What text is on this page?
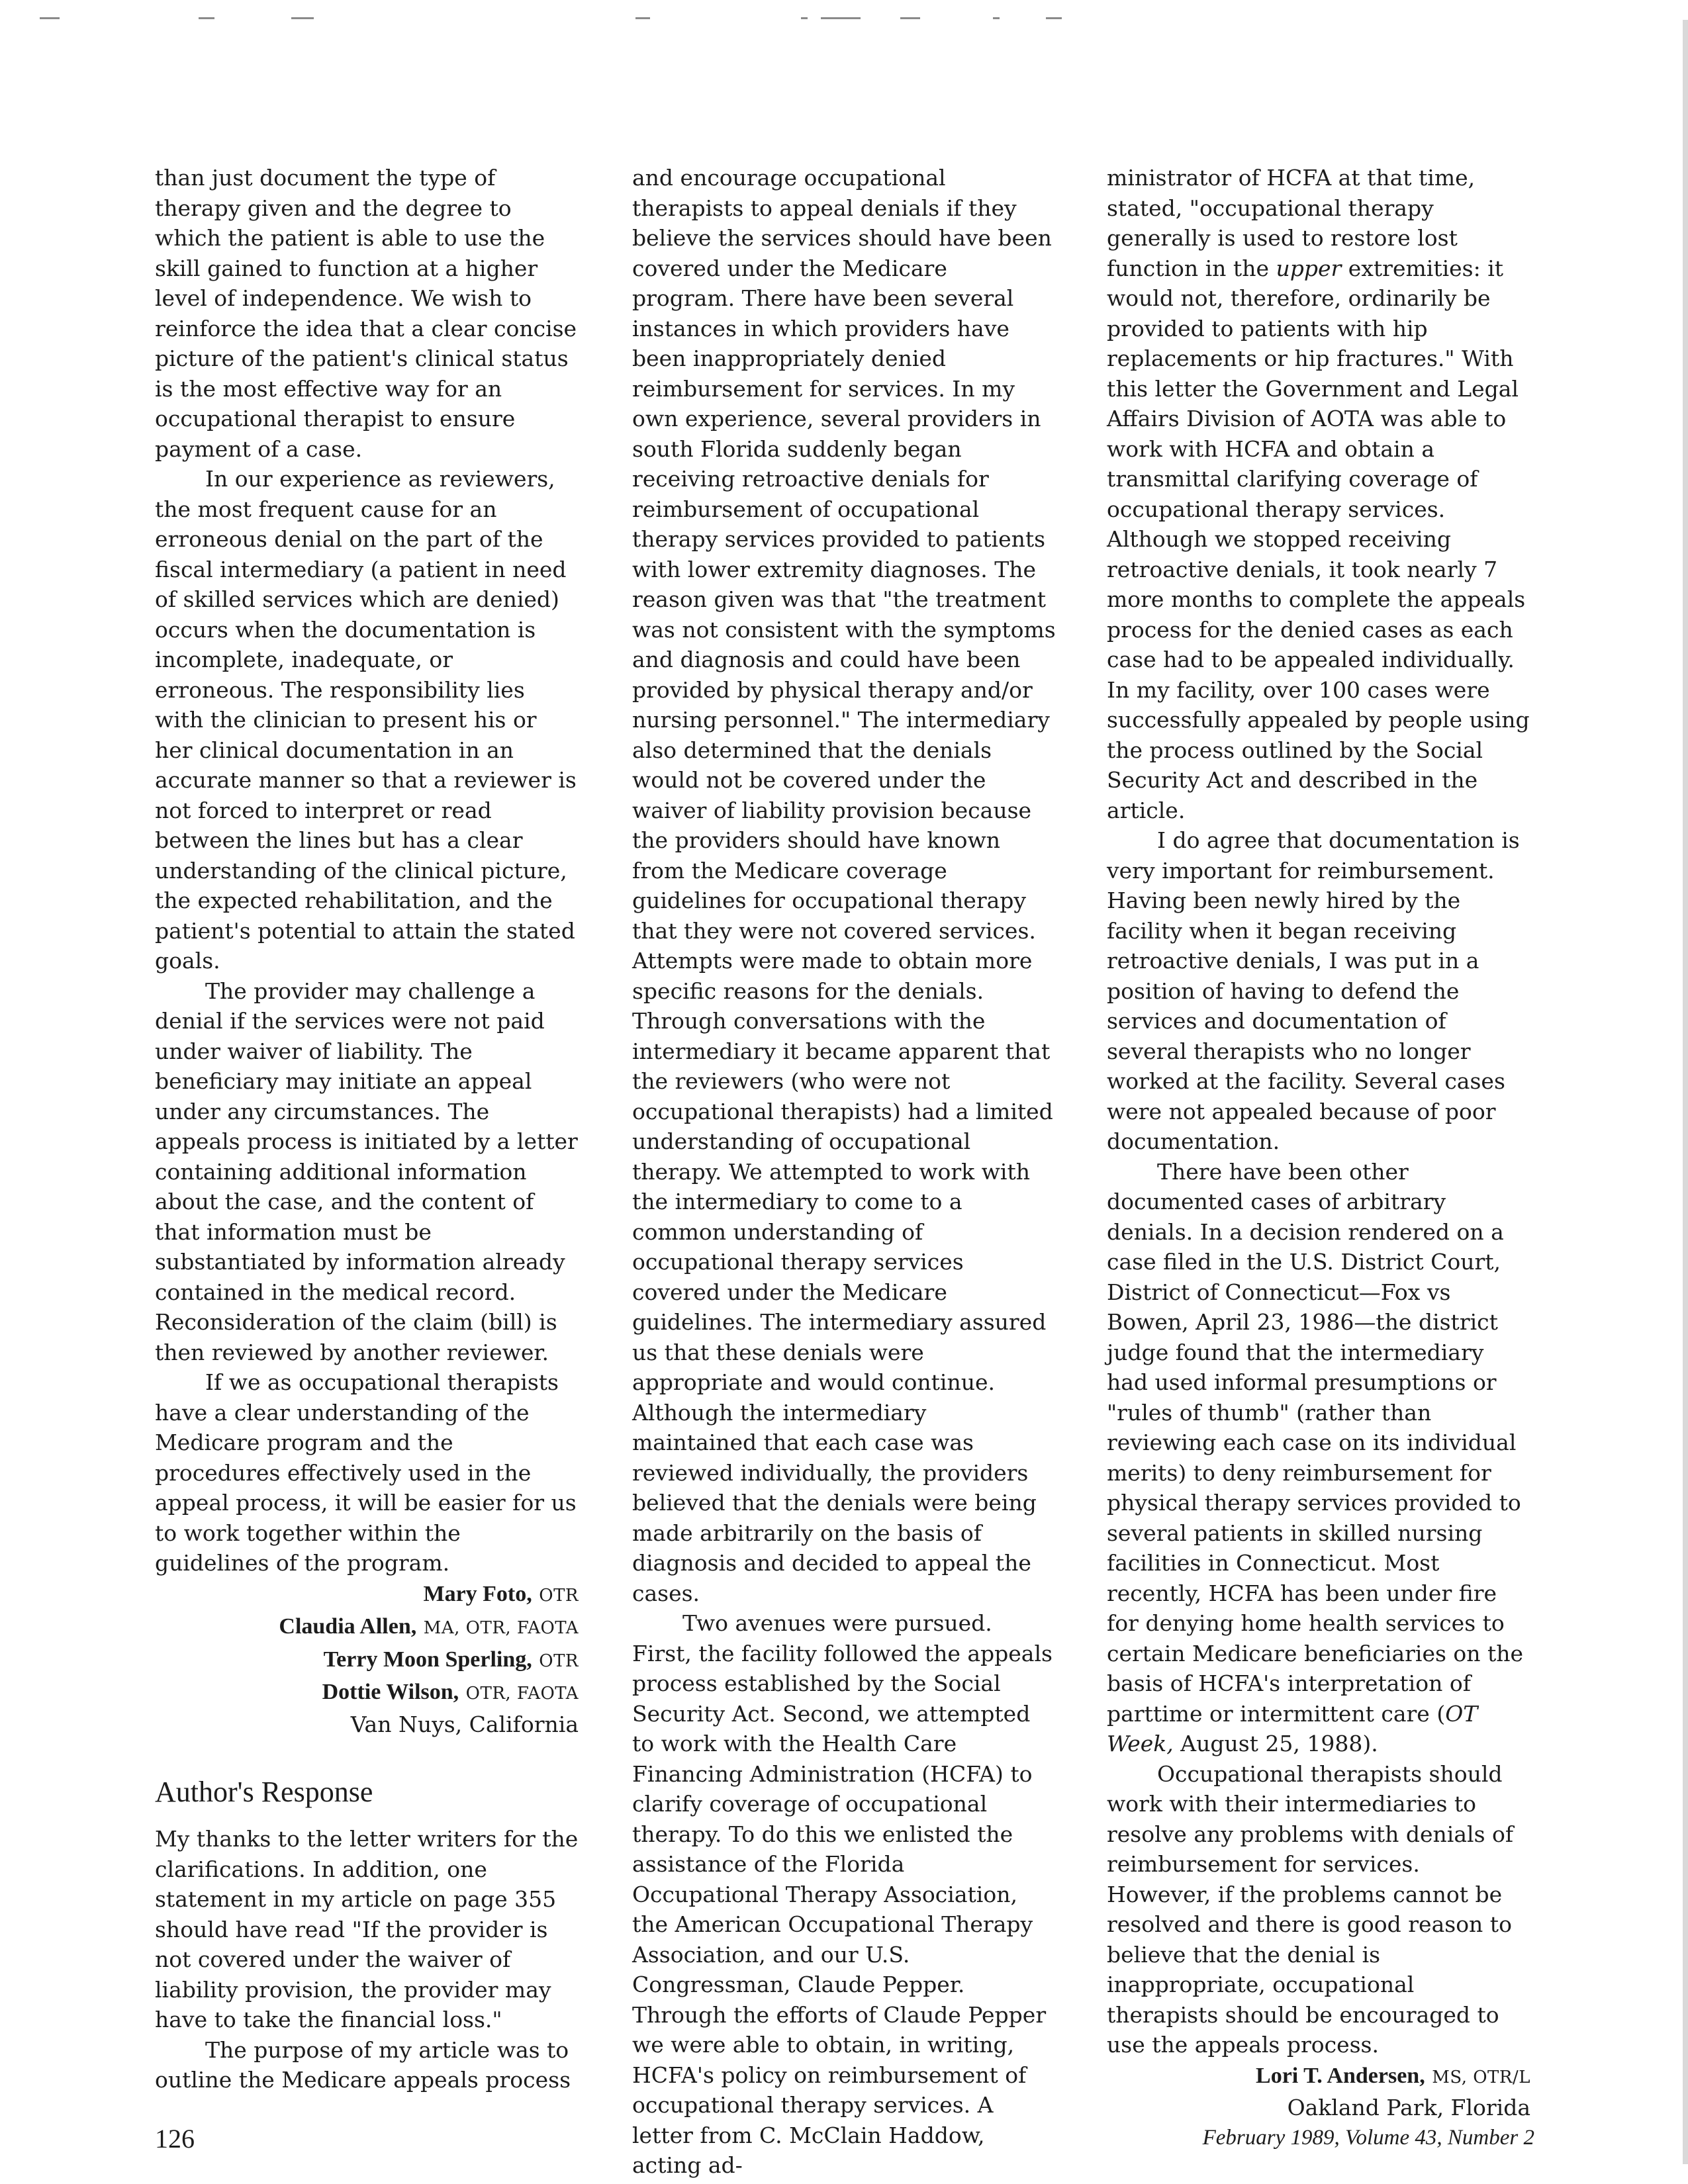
than just document the type of therapy given and the degree to which the patient is able to use the skill gained to function at a higher level of independence. We wish to reinforce the idea that a clear concise picture of the patient's clinical status is the most effective way for an occupational therapist to ensure payment of a case.

In our experience as reviewers, the most frequent cause for an erroneous denial on the part of the fiscal intermediary (a patient in need of skilled services which are denied) occurs when the documentation is incomplete, inadequate, or erroneous. The responsibility lies with the clinician to present his or her clinical documentation in an accurate manner so that a reviewer is not forced to interpret or read between the lines but has a clear understanding of the clinical picture, the expected rehabilitation, and the patient's potential to attain the stated goals.

The provider may challenge a denial if the services were not paid under waiver of liability. The beneficiary may initiate an appeal under any circumstances. The appeals process is initiated by a letter containing additional information about the case, and the content of that information must be substantiated by information already contained in the medical record. Reconsideration of the claim (bill) is then reviewed by another reviewer.

If we as occupational therapists have a clear understanding of the Medicare program and the procedures effectively used in the appeal process, it will be easier for us to work together within the guidelines of the program.

Mary Foto, OTR
Claudia Allen, MA, OTR, FAOTA
Terry Moon Sperling, OTR
Dottie Wilson, OTR, FAOTA
Van Nuys, California
Author's Response

My thanks to the letter writers for the clarifications. In addition, one statement in my article on page 355 should have read "If the provider is not covered under the waiver of liability provision, the provider may have to take the financial loss."

The purpose of my article was to outline the Medicare appeals process

and encourage occupational therapists to appeal denials if they believe the services should have been covered under the Medicare program. There have been several instances in which providers have been inappropriately denied reimbursement for services. In my own experience, several providers in south Florida suddenly began receiving retroactive denials for reimbursement of occupational therapy services provided to patients with lower extremity diagnoses. The reason given was that "the treatment was not consistent with the symptoms and diagnosis and could have been provided by physical therapy and/or nursing personnel." The intermediary also determined that the denials would not be covered under the waiver of liability provision because the providers should have known from the Medicare coverage guidelines for occupational therapy that they were not covered services. Attempts were made to obtain more specific reasons for the denials. Through conversations with the intermediary it became apparent that the reviewers (who were not occupational therapists) had a limited understanding of occupational therapy. We attempted to work with the intermediary to come to a common understanding of occupational therapy services covered under the Medicare guidelines. The intermediary assured us that these denials were appropriate and would continue. Although the intermediary maintained that each case was reviewed individually, the providers believed that the denials were being made arbitrarily on the basis of diagnosis and decided to appeal the cases.

Two avenues were pursued. First, the facility followed the appeals process established by the Social Security Act. Second, we attempted to work with the Health Care Financing Administration (HCFA) to clarify coverage of occupational therapy. To do this we enlisted the assistance of the Florida Occupational Therapy Association, the American Occupational Therapy Association, and our U.S. Congressman, Claude Pepper. Through the efforts of Claude Pepper we were able to obtain, in writing, HCFA's policy on reimbursement of occupational therapy services. A letter from C. McClain Haddow, acting ad-

ministrator of HCFA at that time, stated, "occupational therapy generally is used to restore lost function in the upper extremities: it would not, therefore, ordinarily be provided to patients with hip replacements or hip fractures." With this letter the Government and Legal Affairs Division of AOTA was able to work with HCFA and obtain a transmittal clarifying coverage of occupational therapy services. Although we stopped receiving retroactive denials, it took nearly 7 more months to complete the appeals process for the denied cases as each case had to be appealed individually. In my facility, over 100 cases were successfully appealed by people using the process outlined by the Social Security Act and described in the article.

I do agree that documentation is very important for reimbursement. Having been newly hired by the facility when it began receiving retroactive denials, I was put in a position of having to defend the services and documentation of several therapists who no longer worked at the facility. Several cases were not appealed because of poor documentation.

There have been other documented cases of arbitrary denials. In a decision rendered on a case filed in the U.S. District Court, District of Connecticut—Fox vs Bowen, April 23, 1986—the district judge found that the intermediary had used informal presumptions or "rules of thumb" (rather than reviewing each case on its individual merits) to deny reimbursement for physical therapy services provided to several patients in skilled nursing facilities in Connecticut. Most recently, HCFA has been under fire for denying home health services to certain Medicare beneficiaries on the basis of HCFA's interpretation of parttime or intermittent care (OT Week, August 25, 1988).

Occupational therapists should work with their intermediaries to resolve any problems with denials of reimbursement for services. However, if the problems cannot be resolved and there is good reason to believe that the denial is inappropriate, occupational therapists should be encouraged to use the appeals process.

Lori T. Andersen, MS, OTR/L
Oakland Park, Florida
126	February 1989, Volume 43, Number 2
